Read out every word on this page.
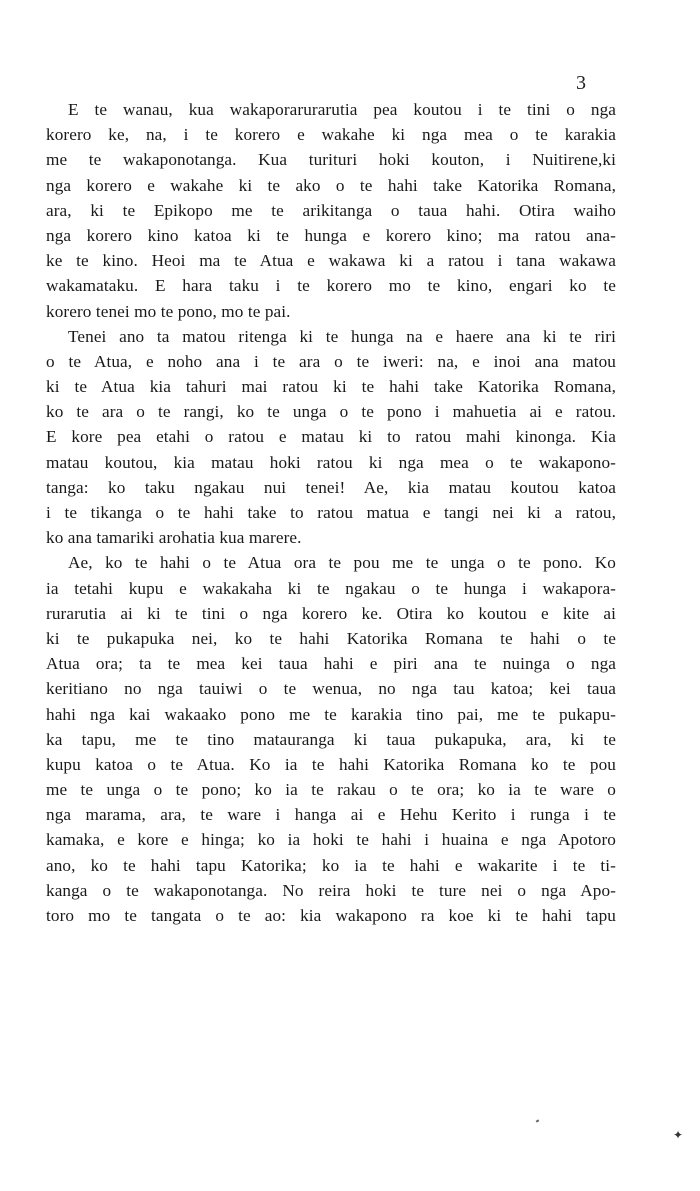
3
E te wanau, kua wakaporarurarutia pea koutou i te tini o nga
korero ke, na, i te korero e wakahe ki nga mea o te karakia
me te wakaponotanga. Kua turituri hoki kouton, i Nuitirene,ki
nga korero e wakahe ki te ako o te hahi take Katorika Romana,
ara, ki te Epikopo me te arikitanga o taua hahi. Otira waiho
nga korero kino katoa ki te hunga e korero kino; ma ratou ana-
ke te kino. Heoi ma te Atua e wakawa ki a ratou i tana wakawa
wakamataku. E hara taku i te korero mo te kino, engari ko te
korero tenei mo te pono, mo te pai.
Tenei ano ta matou ritenga ki te hunga na e haere ana ki te riri
o te Atua, e noho ana i te ara o te iweri: na, e inoi ana matou
ki te Atua kia tahuri mai ratou ki te hahi take Katorika Romana,
ko te ara o te rangi, ko te unga o te pono i mahuetia ai e ratou.
E kore pea etahi o ratou e matau ki to ratou mahi kinonga. Kia
matau koutou, kia matau hoki ratou ki nga mea o te wakapono-
tanga: ko taku ngakau nui tenei! Ae, kia matau koutou katoa
i te tikanga o te hahi take to ratou matua e tangi nei ki a ratou,
ko ana tamariki arohatia kua marere.
Ae, ko te hahi o te Atua ora te pou me te unga o te pono. Ko
ia tetahi kupu e wakakaha ki te ngakau o te hunga i wakapora-
rurarutia ai ki te tini o nga korero ke. Otira ko koutou e kite ai
ki te pukapuka nei, ko te hahi Katorika Romana te hahi o te
Atua ora; ta te mea kei taua hahi e piri ana te nuinga o nga
keritiano no nga tauiwi o te wenua, no nga tau katoa; kei taua
hahi nga kai wakaako pono me te karakia tino pai, me te pukapu-
ka tapu, me te tino matauranga ki taua pukapuka, ara, ki te
kupu katoa o te Atua. Ko ia te hahi Katorika Romana ko te pou
me te unga o te pono; ko ia te rakau o te ora; ko ia te ware o
nga marama, ara, te ware i hanga ai e Hehu Kerito i runga i te
kamaka, e kore e hinga; ko ia hoki te hahi i huaina e nga Apotoro
ano, ko te hahi tapu Katorika; ko ia te hahi e wakarite i te ti-
kanga o te wakaponotanga. No reira hoki te ture nei o nga Apo-
toro mo te tangata o te ao: kia wakapono ra koe ki te hahi tapu
✦
